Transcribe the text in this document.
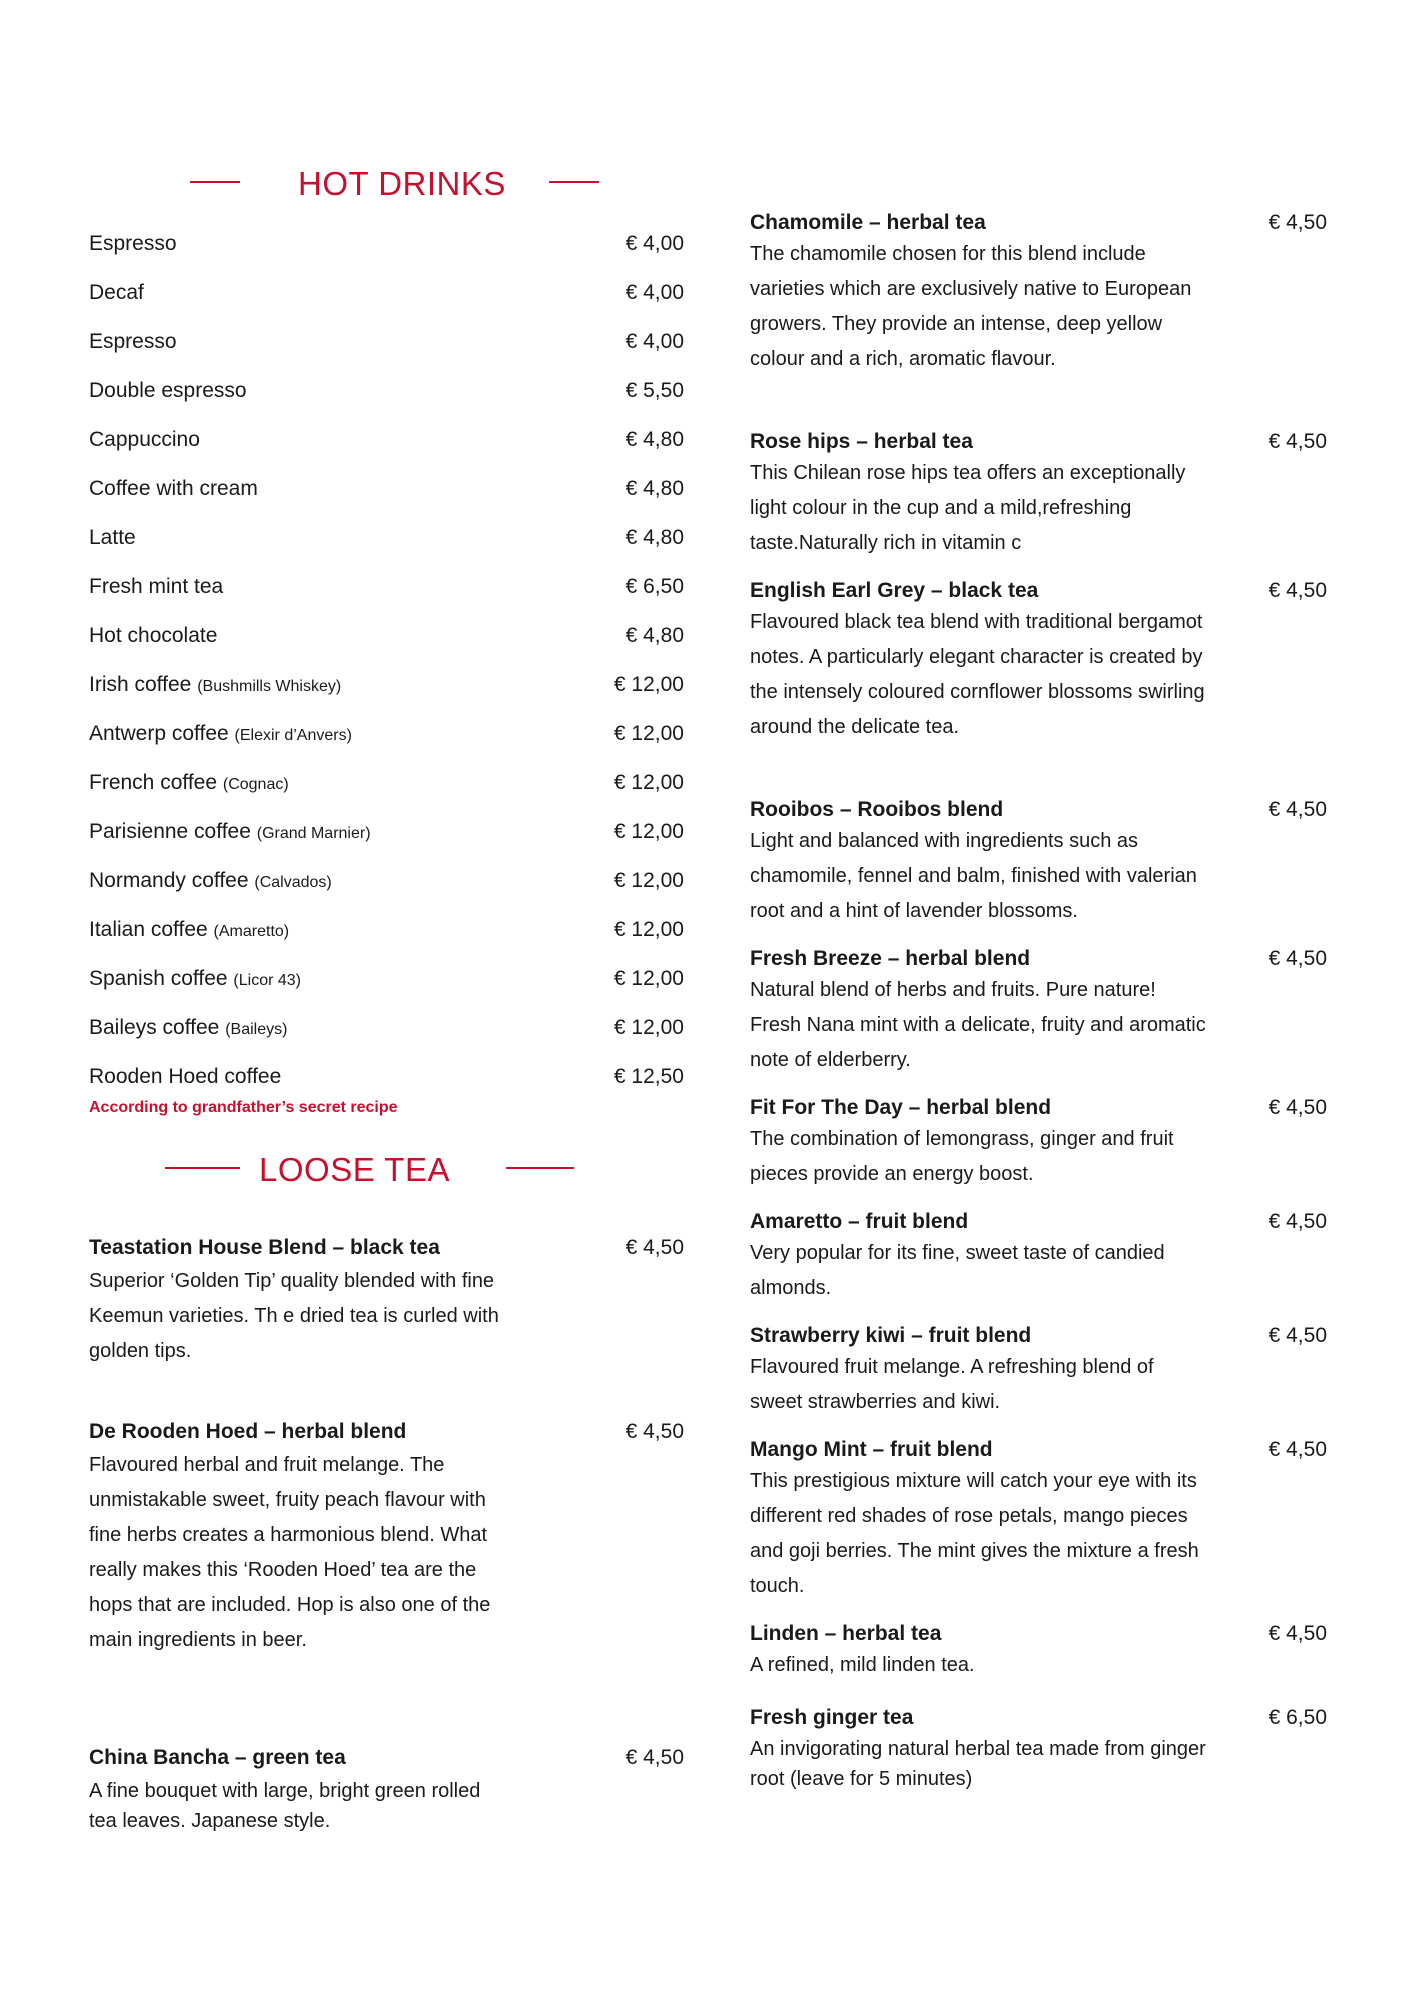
HOT DRINKS
Espresso	€ 4,00
Decaf	€ 4,00
Espresso	€ 4,00
Double espresso	€ 5,50
Cappuccino	€ 4,80
Coffee with cream	€ 4,80
Latte	€ 4,80
Fresh mint tea	€ 6,50
Hot chocolate	€ 4,80
Irish coffee (Bushmills Whiskey)	€ 12,00
Antwerp coffee (Elexir d’Anvers)	€ 12,00
French coffee (Cognac)	€ 12,00
Parisienne coffee (Grand Marnier)	€ 12,00
Normandy coffee (Calvados)	€ 12,00
Italian coffee (Amaretto)	€ 12,00
Spanish coffee (Licor 43)	€ 12,00
Baileys coffee (Baileys)	€ 12,00
Rooden Hoed coffee	€ 12,50
According to grandfather’s secret recipe
LOOSE TEA
Teastation House Blend – black tea	€ 4,50
Superior ‘Golden Tip’ quality blended with fine Keemun varieties. Th e dried tea is curled with golden tips.
De Rooden Hoed – herbal blend	€ 4,50
Flavoured herbal and fruit melange. The unmistakable sweet, fruity peach flavour with fine herbs creates a harmonious blend. What really makes this ‘Rooden Hoed’ tea are the hops that are included. Hop is also one of the main ingredients in beer.
China Bancha – green tea	€ 4,50
A fine bouquet with large, bright green rolled tea leaves. Japanese style.
Chamomile – herbal tea	€ 4,50
The chamomile chosen for this blend include varieties which are exclusively native to European growers. They provide an intense, deep yellow colour and a rich, aromatic flavour.
Rose hips – herbal tea	€ 4,50
This Chilean rose hips tea offers an exceptionally light colour in the cup and a mild,refreshing taste.Naturally rich in vitamin c
English Earl Grey – black tea	€ 4,50
Flavoured black tea blend with traditional bergamot notes. A particularly elegant character is created by the intensely coloured cornflower blossoms swirling around the delicate tea.
Rooibos – Rooibos blend	€ 4,50
Light and balanced with ingredients such as chamomile, fennel and balm, finished with valerian root and a hint of lavender blossoms.
Fresh Breeze – herbal blend	€ 4,50
Natural blend of herbs and fruits. Pure nature! Fresh Nana mint with a delicate, fruity and aromatic note of elderberry.
Fit For The Day – herbal blend	€ 4,50
The combination of lemongrass, ginger and fruit pieces provide an energy boost.
Amaretto – fruit blend	€ 4,50
Very popular for its fine, sweet taste of candied almonds.
Strawberry kiwi – fruit blend	€ 4,50
Flavoured fruit melange. A refreshing blend of sweet strawberries and kiwi.
Mango Mint – fruit blend	€ 4,50
This prestigious mixture will catch your eye with its different red shades of rose petals, mango pieces and goji berries. The mint gives the mixture a fresh touch.
Linden – herbal tea	€ 4,50
A refined, mild linden tea.
Fresh ginger tea	€ 6,50
An invigorating natural herbal tea made from ginger root (leave for 5 minutes)
